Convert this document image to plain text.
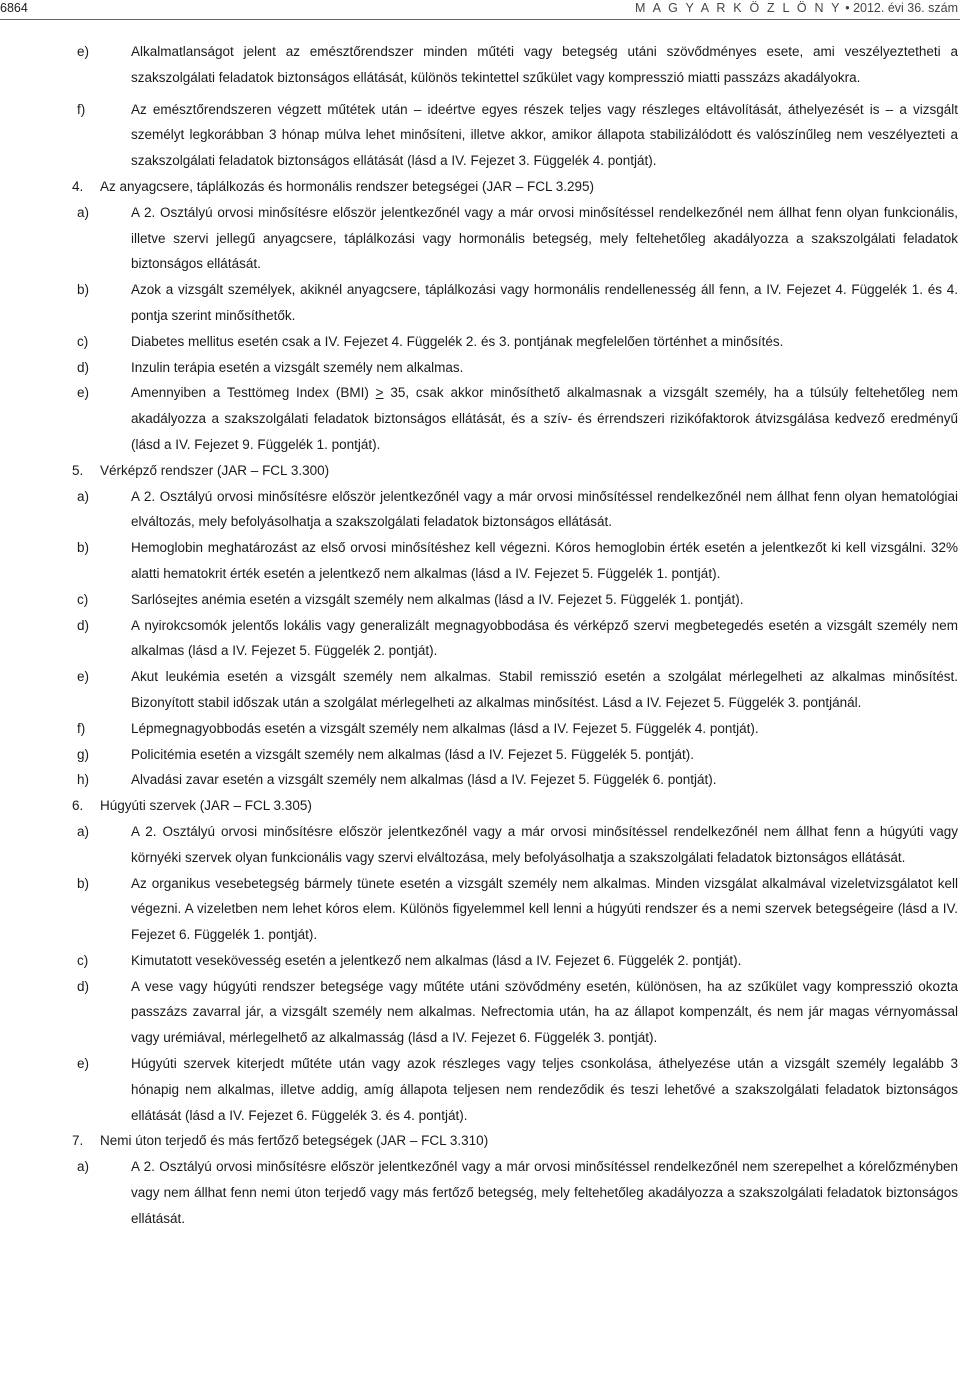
6864	M A G Y A R K Ö Z L Ö N Y • 2012. évi 36. szám
e)	Alkalmatlanságot jelent az emésztőrendszer minden műtéti vagy betegség utáni szövődményes esete, ami veszélyeztetheti a szakszolgálati feladatok biztonságos ellátását, különös tekintettel szűkület vagy kompresszió miatti passzázs akadályokra.
f)	Az emésztőrendszeren végzett műtétek után – ideértve egyes részek teljes vagy részleges eltávolítását, áthelyezését is – a vizsgált személyt legkorábban 3 hónap múlva lehet minősíteni, illetve akkor, amikor állapota stabilizálódott és valószínűleg nem veszélyezteti a szakszolgálati feladatok biztonságos ellátását (lásd a IV. Fejezet 3. Függelék 4. pontját).
4.	Az anyagcsere, táplálkozás és hormonális rendszer betegségei (JAR – FCL 3.295)
a)	A 2. Osztályú orvosi minősítésre először jelentkezőnél vagy a már orvosi minősítéssel rendelkezőnél nem állhat fenn olyan funkcionális, illetve szervi jellegű anyagcsere, táplálkozási vagy hormonális betegség, mely feltehetőleg akadályozza a szakszolgálati feladatok biztonságos ellátását.
b)	Azok a vizsgált személyek, akiknél anyagcsere, táplálkozási vagy hormonális rendellenesség áll fenn, a IV. Fejezet 4. Függelék 1. és 4. pontja szerint minősíthetők.
c)	Diabetes mellitus esetén csak a IV. Fejezet 4. Függelék 2. és 3. pontjának megfelelően történhet a minősítés.
d)	Inzulin terápia esetén a vizsgált személy nem alkalmas.
e)	Amennyiben a Testtömeg Index (BMI) ≥ 35, csak akkor minősíthető alkalmasnak a vizsgált személy, ha a túlsúly feltehetőleg nem akadályozza a szakszolgálati feladatok biztonságos ellátását, és a szív- és érrendszeri rizikófaktorok átvizsgálása kedvező eredményű (lásd a IV. Fejezet 9. Függelék 1. pontját).
5.	Vérképző rendszer (JAR – FCL 3.300)
a)	A 2. Osztályú orvosi minősítésre először jelentkezőnél vagy a már orvosi minősítéssel rendelkezőnél nem állhat fenn olyan hematológiai elváltozás, mely befolyásolhatja a szakszolgálati feladatok biztonságos ellátását.
b)	Hemoglobin meghatározást az első orvosi minősítéshez kell végezni. Kóros hemoglobin érték esetén a jelentkezőt ki kell vizsgálni. 32% alatti hematokrit érték esetén a jelentkező nem alkalmas (lásd a IV. Fejezet 5. Függelék 1. pontját).
c)	Sarlósejtes anémia esetén a vizsgált személy nem alkalmas (lásd a IV. Fejezet 5. Függelék 1. pontját).
d)	A nyirokcsomók jelentős lokális vagy generalizált megnagyobbodása és vérképző szervi megbetegedés esetén a vizsgált személy nem alkalmas (lásd a IV. Fejezet 5. Függelék 2. pontját).
e)	Akut leukémia esetén a vizsgált személy nem alkalmas. Stabil remisszió esetén a szolgálat mérlegelheti az alkalmas minősítést. Bizonyított stabil időszak után a szolgálat mérlegelheti az alkalmas minősítést. Lásd a IV. Fejezet 5. Függelék 3. pontjánál.
f)	Lépmegnagyobbodás esetén a vizsgált személy nem alkalmas (lásd a IV. Fejezet 5. Függelék 4. pontját).
g)	Policitémia esetén a vizsgált személy nem alkalmas (lásd a IV. Fejezet 5. Függelék 5. pontját).
h)	Alvadási zavar esetén a vizsgált személy nem alkalmas (lásd a IV. Fejezet 5. Függelék 6. pontját).
6.	Húgyúti szervek (JAR – FCL 3.305)
a)	A 2. Osztályú orvosi minősítésre először jelentkezőnél vagy a már orvosi minősítéssel rendelkezőnél nem állhat fenn a húgyúti vagy környéki szervek olyan funkcionális vagy szervi elváltozása, mely befolyásolhatja a szakszolgálati feladatok biztonságos ellátását.
b)	Az organikus vesebetegség bármely tünete esetén a vizsgált személy nem alkalmas. Minden vizsgálat alkalmával vizeletvizsgálatot kell végezni. A vizeletben nem lehet kóros elem. Különös figyelemmel kell lenni a húgyúti rendszer és a nemi szervek betegségeire (lásd a IV. Fejezet 6. Függelék 1. pontját).
c)	Kimutatott vesekövesség esetén a jelentkező nem alkalmas (lásd a IV. Fejezet 6. Függelék 2. pontját).
d)	A vese vagy húgyúti rendszer betegsége vagy műtéte utáni szövődmény esetén, különösen, ha az szűkület vagy kompresszió okozta passzázs zavarral jár, a vizsgált személy nem alkalmas. Nefrectomia után, ha az állapot kompenzált, és nem jár magas vérnyomással vagy urémiával, mérlegelhető az alkalmasság (lásd a IV. Fejezet 6. Függelék 3. pontját).
e)	Húgyúti szervek kiterjedt műtéte után vagy azok részleges vagy teljes csonkolása, áthelyezése után a vizsgált személy legalább 3 hónapig nem alkalmas, illetve addig, amíg állapota teljesen nem rendeződik és teszi lehetővé a szakszolgálati feladatok biztonságos ellátását (lásd a IV. Fejezet 6. Függelék 3. és 4. pontját).
7.	Nemi úton terjedő és más fertőző betegségek (JAR – FCL 3.310)
a)	A 2. Osztályú orvosi minősítésre először jelentkezőnél vagy a már orvosi minősítéssel rendelkezőnél nem szerepelhet a kórelőzményben vagy nem állhat fenn nemi úton terjedő vagy más fertőző betegség, mely feltehetőleg akadályozza a szakszolgálati feladatok biztonságos ellátását.
